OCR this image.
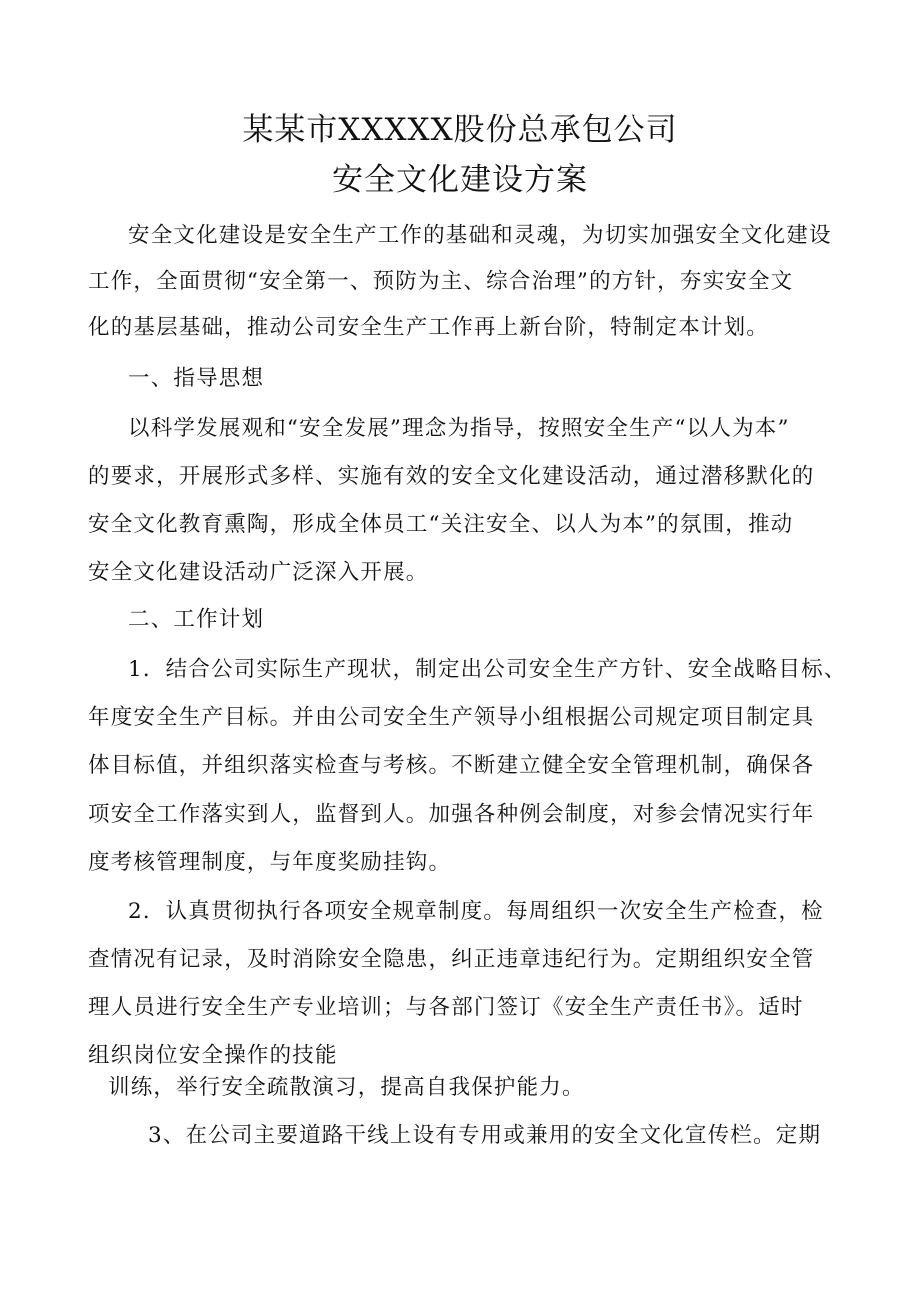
某某市XXXXX股份总承包公司
安全文化建设方案
安全文化建设是安全生产工作的基础和灵魂，为切实加强安全文化建设
工作，全面贯彻“安全第一、预防为主、综合治理”的方针，夯实安全文
化的基层基础，推动公司安全生产工作再上新台阶，特制定本计划。
一、指导思想
以科学发展观和“安全发展”理念为指导，按照安全生产“以人为本”
的要求，开展形式多样、实施有效的安全文化建设活动，通过潜移默化的
安全文化教育熏陶，形成全体员工“关注安全、以人为本”的氛围，推动
安全文化建设活动广泛深入开展。
二、工作计划
1．结合公司实际生产现状，制定出公司安全生产方针、安全战略目标、
年度安全生产目标。并由公司安全生产领导小组根据公司规定项目制定具
体目标值，并组织落实检查与考核。不断建立健全安全管理机制，确保各
项安全工作落实到人，监督到人。加强各种例会制度，对参会情况实行年
度考核管理制度，与年度奖励挂钩。
2．认真贯彻执行各项安全规章制度。每周组织一次安全生产检查，检
查情况有记录，及时消除安全隐患，纠正违章违纪行为。定期组织安全管
理人员进行安全生产专业培训；与各部门签订《安全生产责任书》。适时
组织岗位安全操作的技能
训练，举行安全疏散演习，提高自我保护能力。
3、在公司主要道路干线上设有专用或兼用的安全文化宣传栏。定期
